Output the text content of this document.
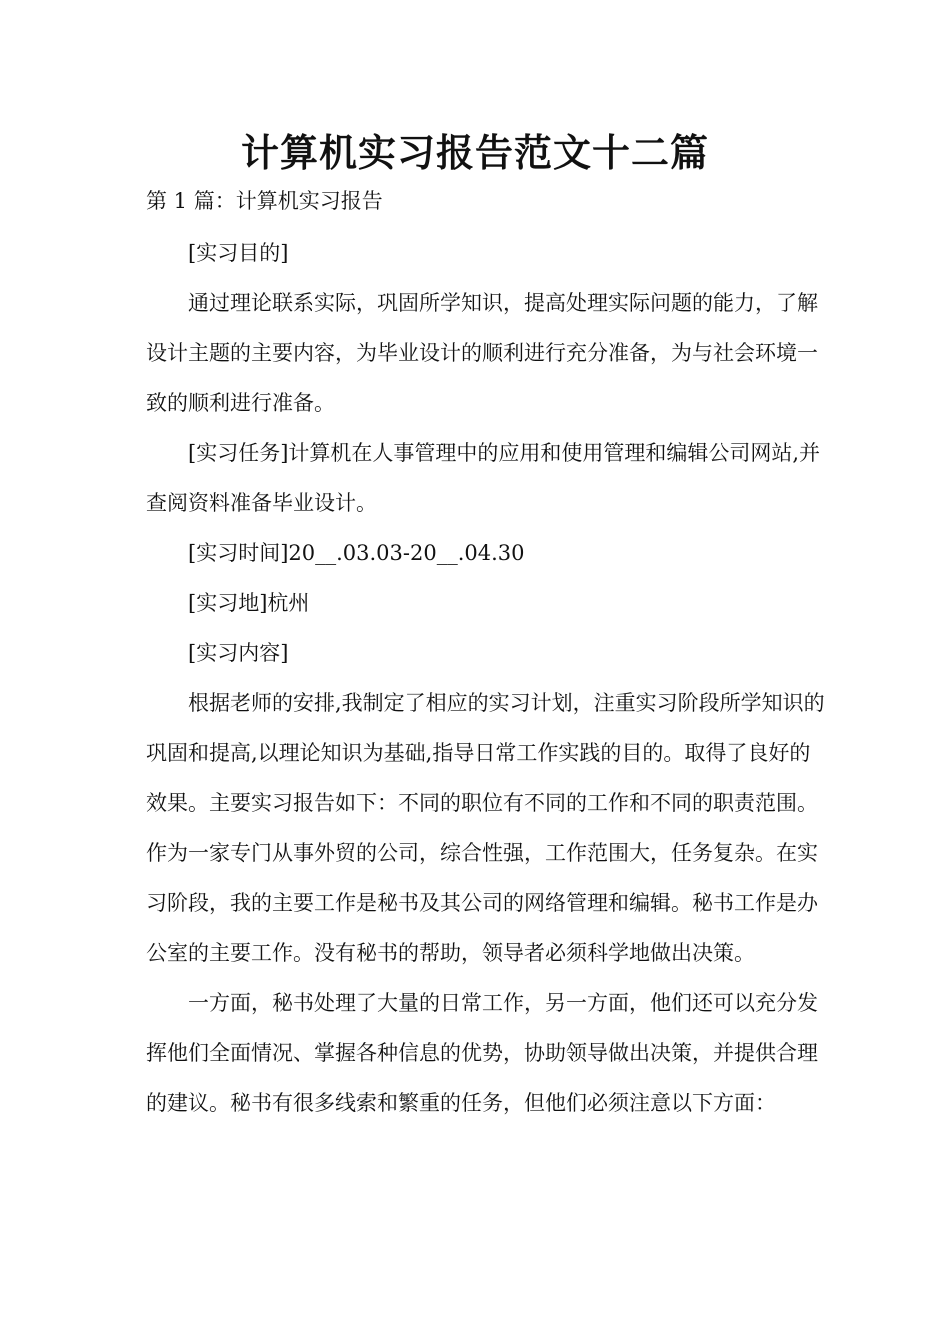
计算机实习报告范文十二篇
第 1 篇：计算机实习报告

[实习目的]

通过理论联系实际，巩固所学知识，提高处理实际问题的能力，了解设计主题的主要内容，为毕业设计的顺利进行充分准备，为与社会环境一致的顺利进行准备。

[实习任务]计算机在人事管理中的应用和使用管理和编辑公司网站,并查阅资料准备毕业设计。

[实习时间]20__.03.03-20__.04.30

[实习地]杭州

[实习内容]

根据老师的安排,我制定了相应的实习计划，注重实习阶段所学知识的巩固和提高,以理论知识为基础,指导日常工作实践的目的。取得了良好的效果。主要实习报告如下：不同的职位有不同的工作和不同的职责范围。作为一家专门从事外贸的公司，综合性强，工作范围大，任务复杂。在实习阶段，我的主要工作是秘书及其公司的网络管理和编辑。秘书工作是办公室的主要工作。没有秘书的帮助，领导者必须科学地做出决策。

一方面，秘书处理了大量的日常工作，另一方面，他们还可以充分发挥他们全面情况、掌握各种信息的优势，协助领导做出决策，并提供合理的建议。秘书有很多线索和繁重的任务，但他们必须注意以下方面：
